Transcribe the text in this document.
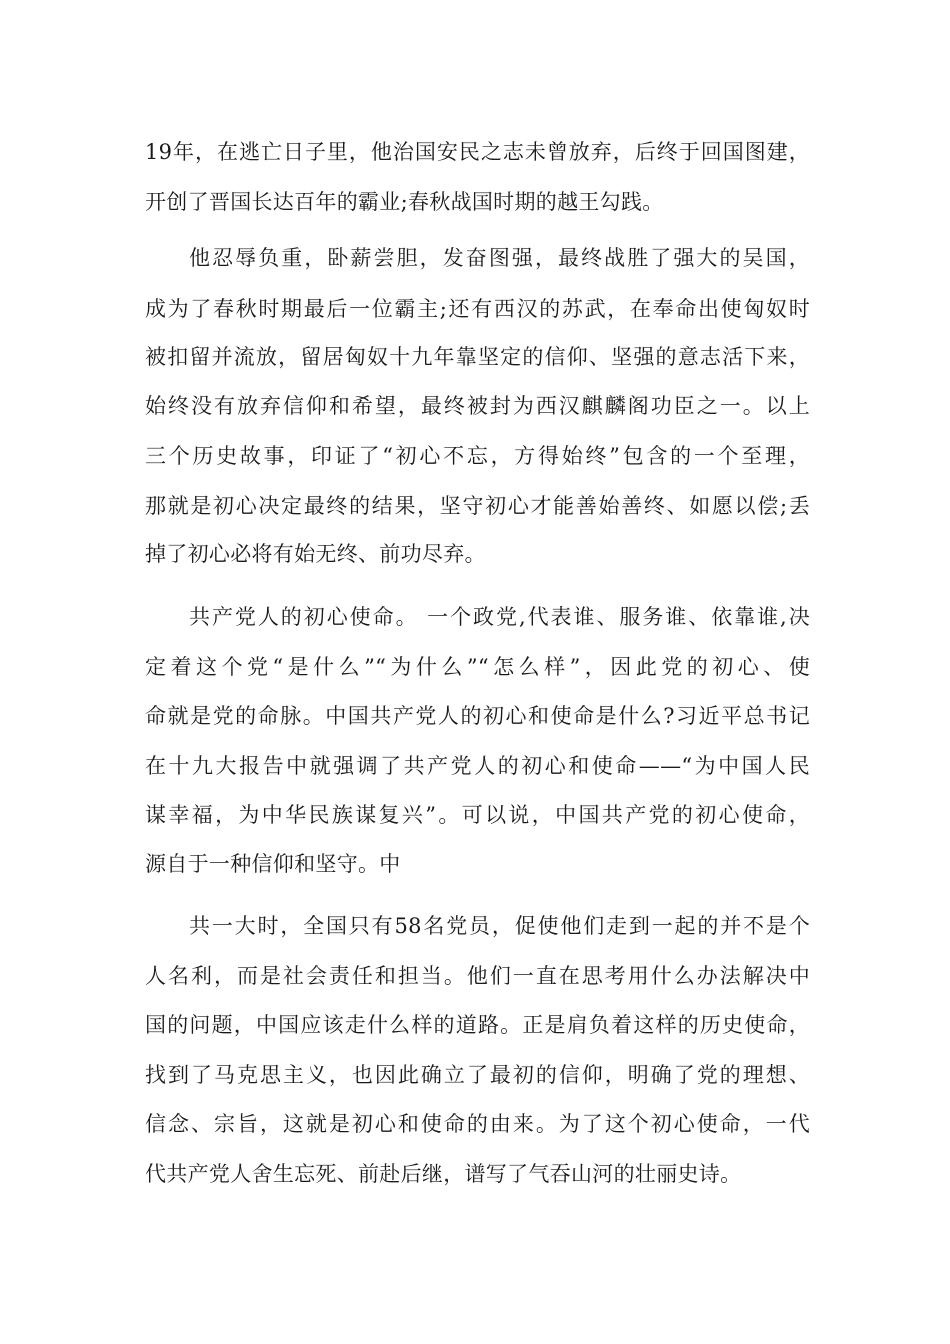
19年，在逃亡日子里，他治国安民之志未曾放弃，后终于回国图建，

开创了晋国长达百年的霸业;春秋战国时期的越王勾践。

他忍辱负重，卧薪尝胆，发奋图强，最终战胜了强大的吴国，

成为了春秋时期最后一位霸主;还有西汉的苏武，在奉命出使匈奴时

被扣留并流放，留居匈奴十九年靠坚定的信仰、坚强的意志活下来，

始终没有放弃信仰和希望，最终被封为西汉麒麟阁功臣之一。以上

三个历史故事，印证了“初心不忘，方得始终”包含的一个至理，

那就是初心决定最终的结果，坚守初心才能善始善终、如愿以偿;丢

掉了初心必将有始无终、前功尽弃。

共产党人的初心使命。 一个政党,代表谁、服务谁、依靠谁,决

定着这个党“是什么”“为什么”“怎么样”，因此党的初心、使

命就是党的命脉。中国共产党人的初心和使命是什么?习近平总书记

在十九大报告中就强调了共产党人的初心和使命——“为中国人民

谋幸福，为中华民族谋复兴”。可以说，中国共产党的初心使命，

源自于一种信仰和坚守。中

共一大时，全国只有58名党员，促使他们走到一起的并不是个

人名利，而是社会责任和担当。他们一直在思考用什么办法解决中

国的问题，中国应该走什么样的道路。正是肩负着这样的历史使命，

找到了马克思主义，也因此确立了最初的信仰，明确了党的理想、

信念、宗旨，这就是初心和使命的由来。为了这个初心使命，一代

代共产党人舍生忘死、前赴后继，谱写了气吞山河的壮丽史诗。
